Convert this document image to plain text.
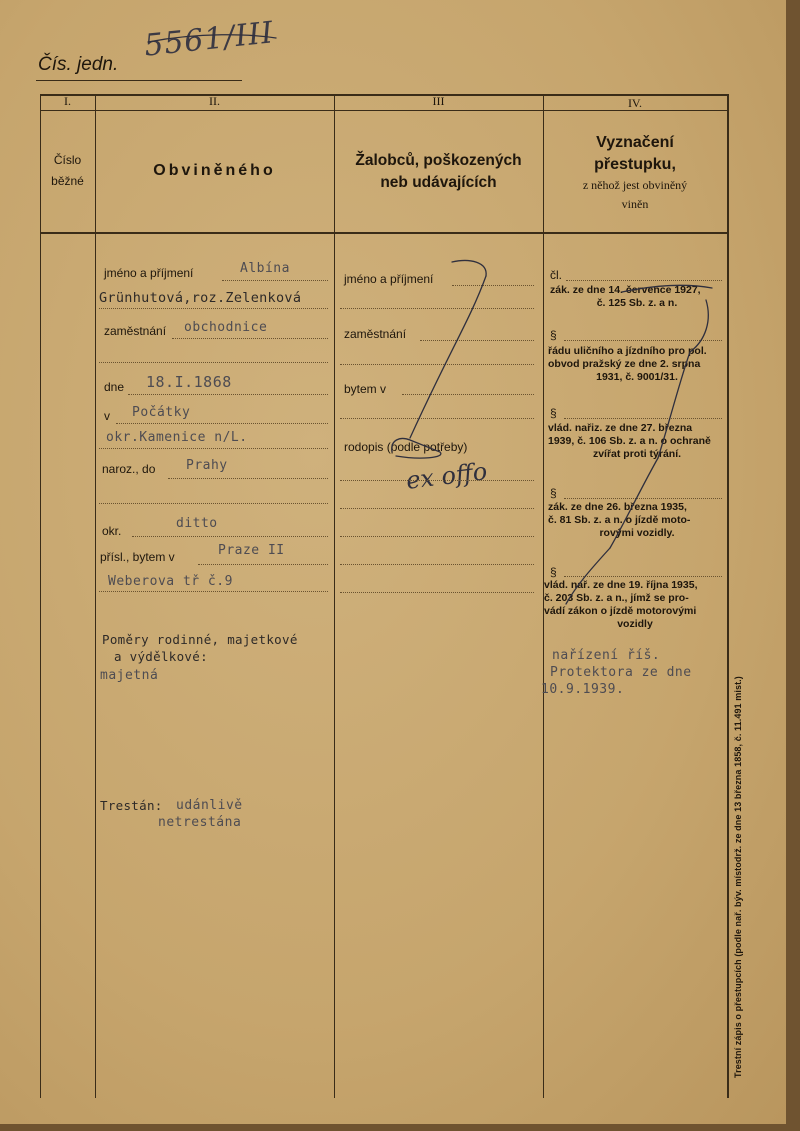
Čís. jedn.
5561/III
I.	II.	III	IV.
Číslo
běžné
Obviněného
Žalobců, poškozených
neb udávajících
Vyznačení
přestupku,
z něhož jest obviněný
viněn
jméno a příjmení	Albína
Grünhutová,roz.Zelenková
zaměstnání obchodnice
dne 18.I.1868
v Počátky
okr.Kamenice n/L.
naroz., do Prahy
okr.	ditto
přísl., bytem v	Praze II
Weberova tř č.9
Poměry rodinné, majetkové
a výdělkové:
majetná
Trestán: udánlivě
netrestána
jméno a příjmení
zaměstnání
bytem v
rodopis (podle potřeby)
ex offo
čl.
zák. ze dne 14. července 1927,
č. 125 Sb. z. a n.
§
řádu uličního a jízdního pro pol.
obvod pražský ze dne 2. srpna
1931, č. 9001/31.
§
vlád. nařiz. ze dne 27. března
1939, č. 106 Sb. z. a n. o ochraně
zvířat proti týrání.
§
zák. ze dne 26. března 1935,
č. 81 Sb. z. a n. o jízdě moto-
rovými vozidly.
§
vlád. nař. ze dne 19. října 1935,
č. 203 Sb. z. a n., jímž se pro-
vádí zákon o jízdě motorovými
vozidly
nařízení říš.
Protektora ze dne
10.9.1939.	Trestní zápis o přestupcích (podle nař. býv. místodrž. ze dne 13 března 1858, č. 11.491 mist.)
